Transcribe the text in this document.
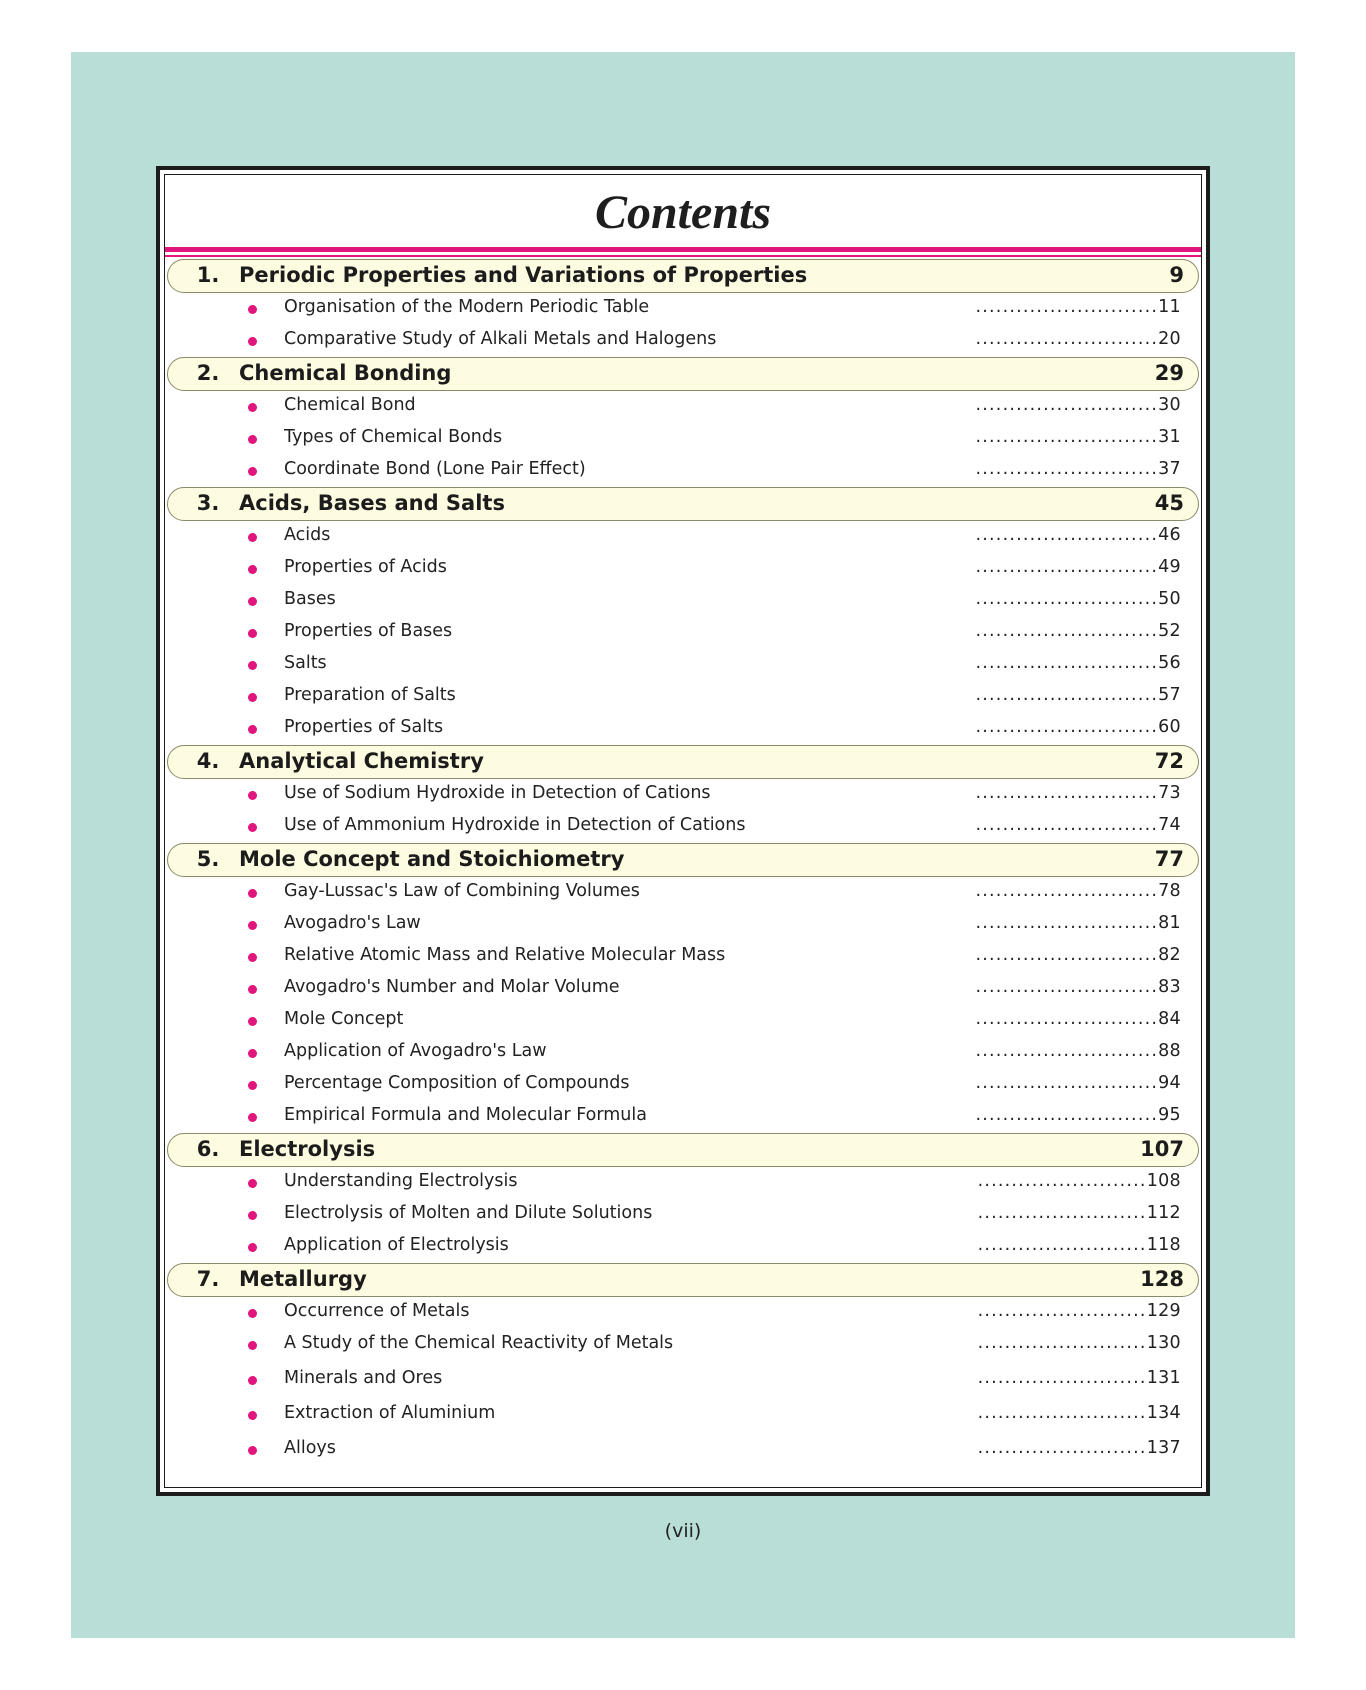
Contents
1. Periodic Properties and Variations of Properties	9
Organisation of the Modern Periodic Table	...........................11
Comparative Study of Alkali Metals and Halogens	...........................20
2. Chemical Bonding	29
Chemical Bond	...........................30
Types of Chemical Bonds	...........................31
Coordinate Bond (Lone Pair Effect)	...........................37
3. Acids, Bases and Salts	45
Acids	...........................46
Properties of Acids	...........................49
Bases	...........................50
Properties of Bases	...........................52
Salts	...........................56
Preparation of Salts	...........................57
Properties of Salts	...........................60
4. Analytical Chemistry	72
Use of Sodium Hydroxide in Detection of Cations	...........................73
Use of Ammonium Hydroxide in Detection of Cations	...........................74
5. Mole Concept and Stoichiometry	77
Gay-Lussac's Law of Combining Volumes	...........................78
Avogadro's Law	...........................81
Relative Atomic Mass and Relative Molecular Mass	...........................82
Avogadro's Number and Molar Volume	...........................83
Mole Concept	...........................84
Application of Avogadro's Law	...........................88
Percentage Composition of Compounds	...........................94
Empirical Formula and Molecular Formula	...........................95
6. Electrolysis	107
Understanding Electrolysis	.........................108
Electrolysis of Molten and Dilute Solutions	.........................112
Application of Electrolysis	.........................118
7. Metallurgy	128
Occurrence of Metals	.........................129
A Study of the Chemical Reactivity of Metals	.........................130
Minerals and Ores	.........................131
Extraction of Aluminium	.........................134
Alloys	.........................137
(vii)
